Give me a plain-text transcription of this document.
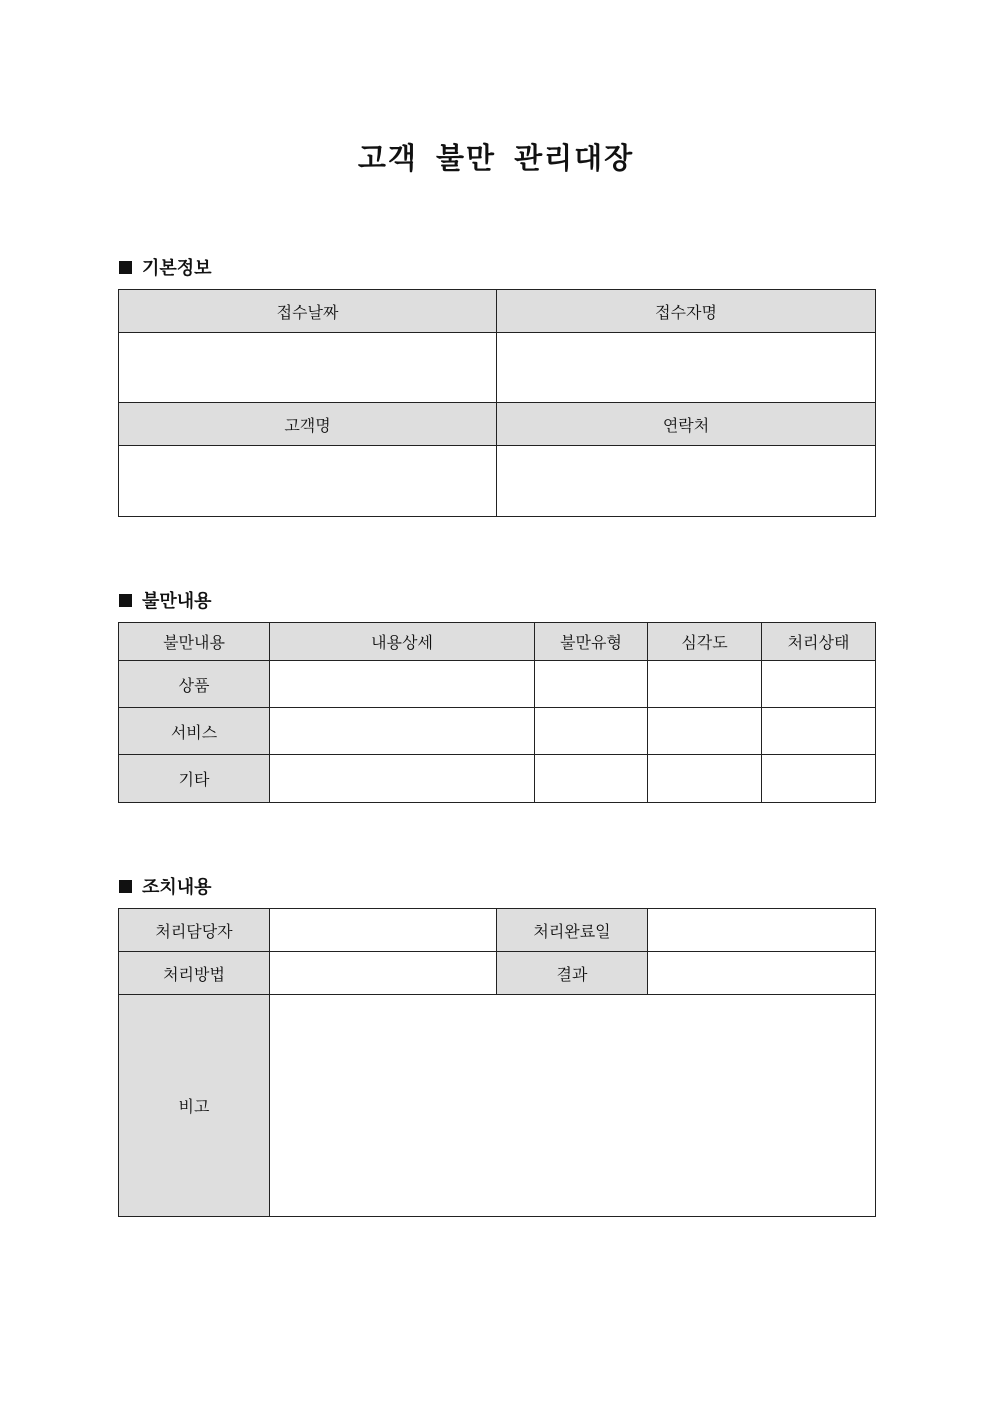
고객 불만 관리대장
기본정보
접수날짜	접수자명

고객명	연락처

불만내용
불만내용	내용상세	불만유형	심각도	처리상태
상품				
서비스				
기타				
조치내용
처리담당자		처리완료일	
처리방법		결과	
비고			
